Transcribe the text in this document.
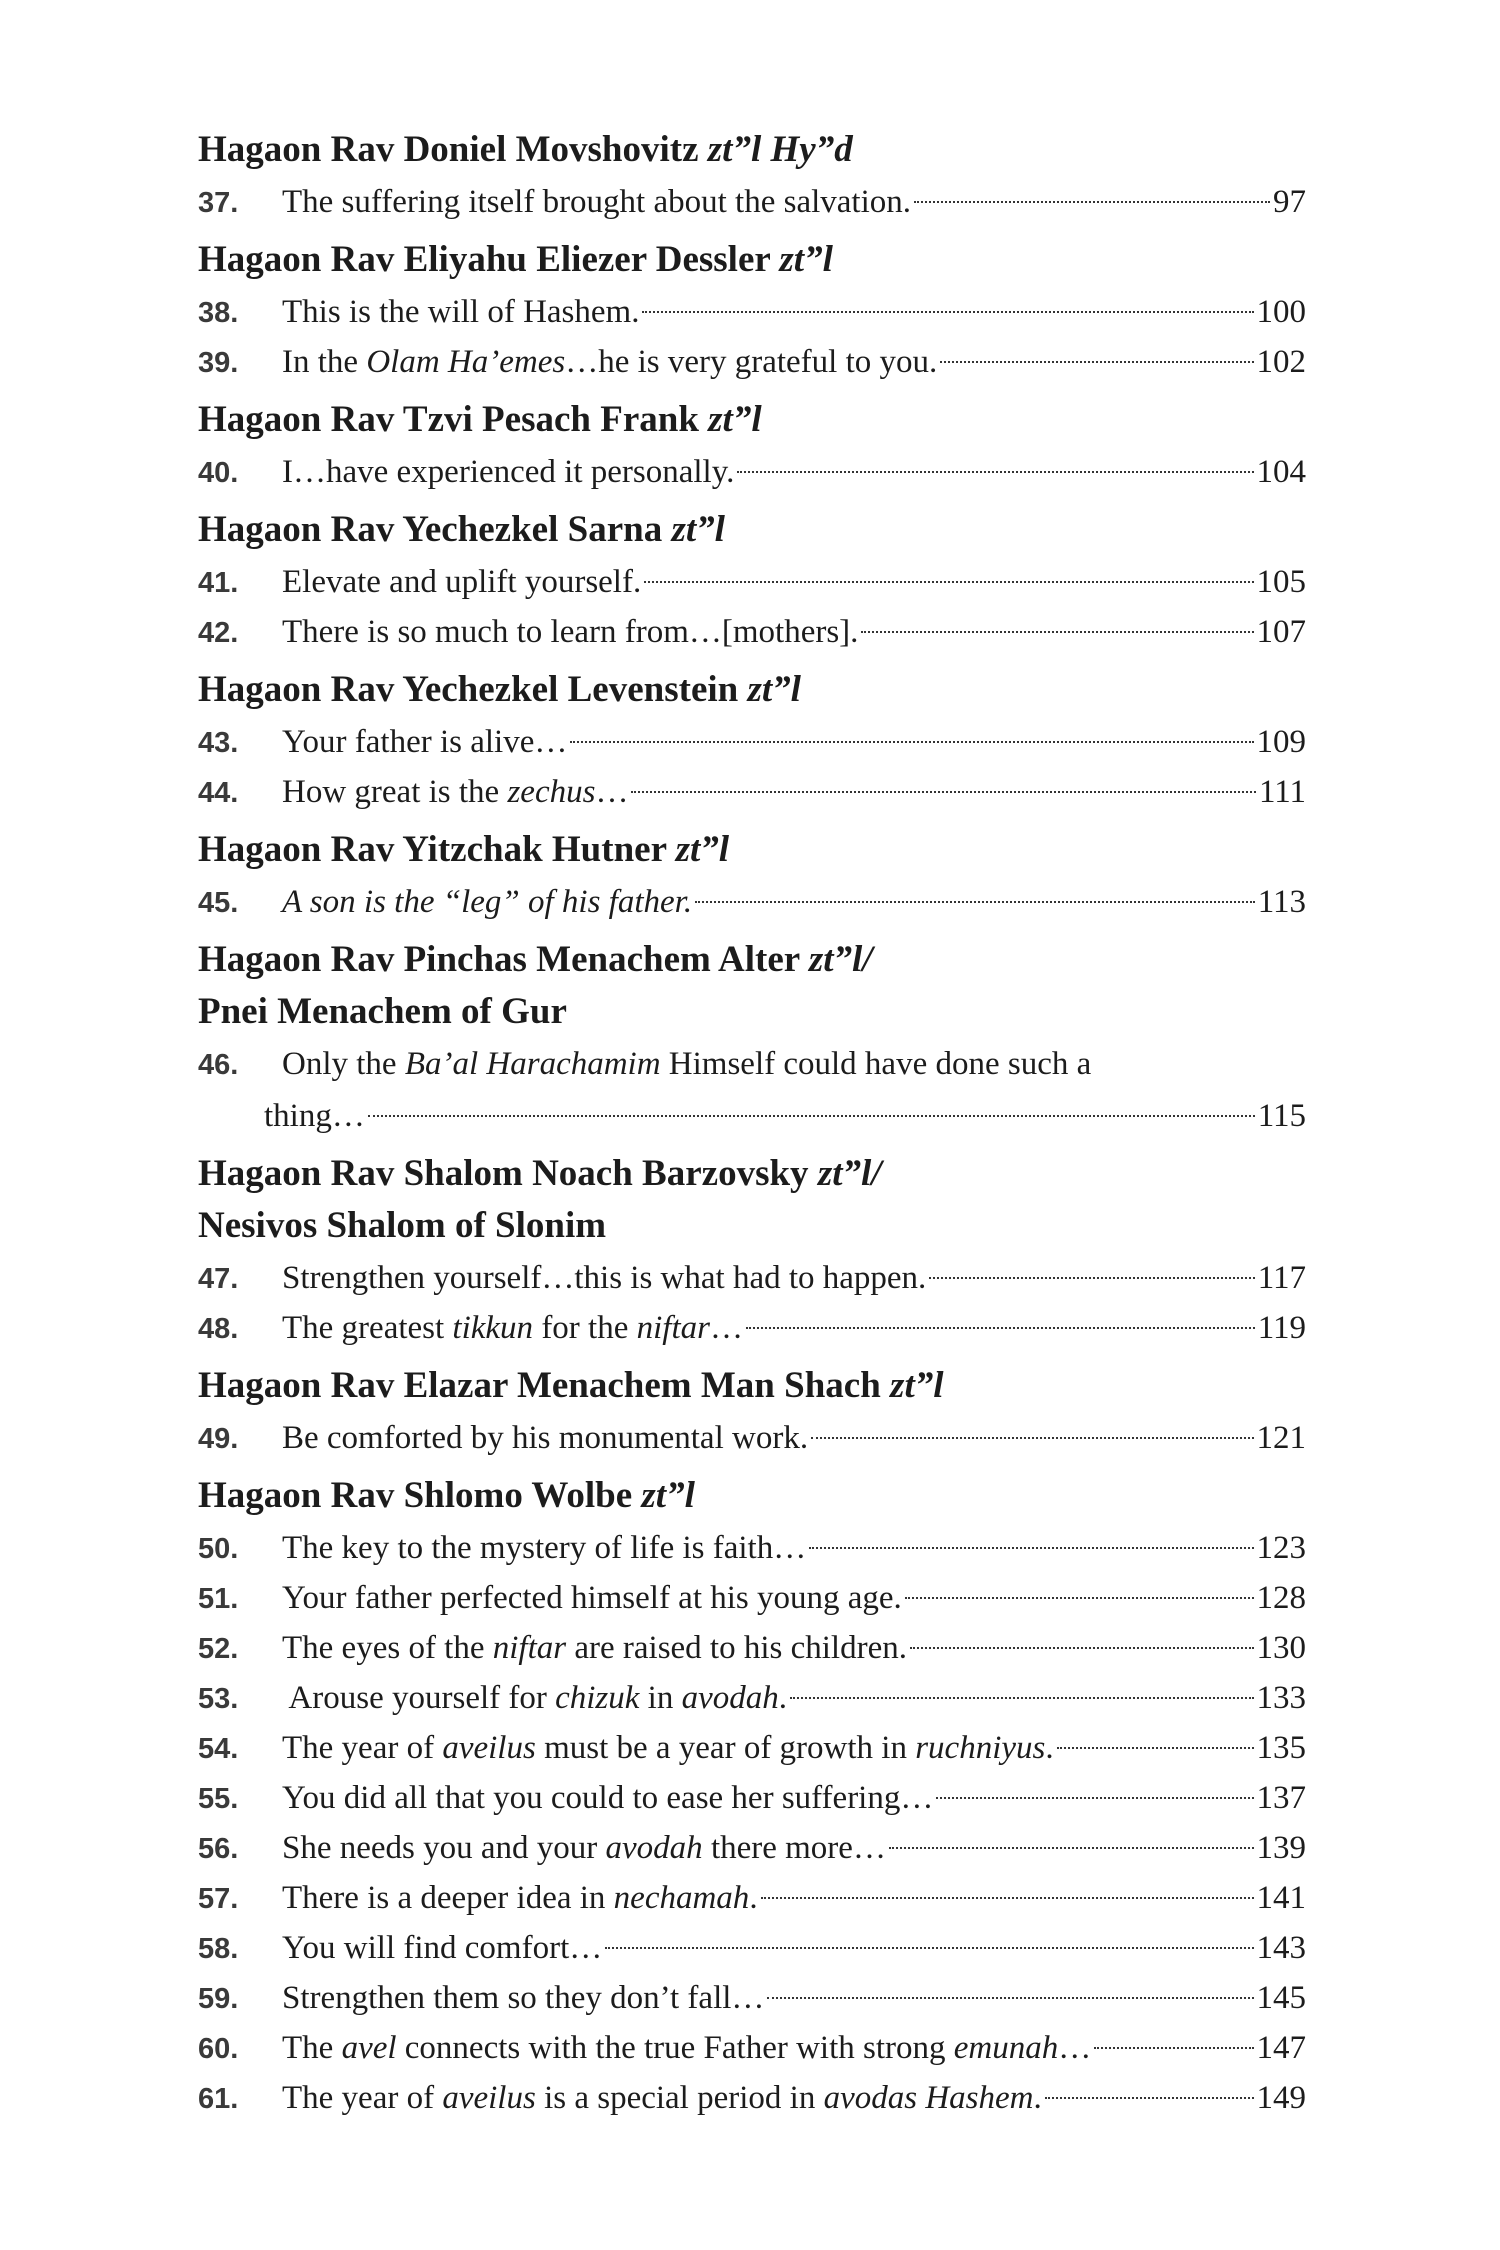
Hagaon Rav Doniel Movshovitz zt”l Hy”d
37.	The suffering itself brought about the salvation.	97
Hagaon Rav Eliyahu Eliezer Dessler zt”l
38.	This is the will of Hashem.	100
39.	In the Olam Ha’emes…he is very grateful to you.	102
Hagaon Rav Tzvi Pesach Frank zt”l
40.	I…have experienced it personally.	104
Hagaon Rav Yechezkel Sarna zt”l
41.	Elevate and uplift yourself.	105
42.	There is so much to learn from…[mothers].	107
Hagaon Rav Yechezkel Levenstein zt”l
43.	Your father is alive…	109
44.	How great is the zechus…	111
Hagaon Rav Yitzchak Hutner zt”l
45.	A son is the “leg” of his father.	113
Hagaon Rav Pinchas Menachem Alter zt”l/
Pnei Menachem of Gur
46.	Only the Ba’al Harachamim Himself could have done such a
thing…	115
Hagaon Rav Shalom Noach Barzovsky zt”l/
Nesivos Shalom of Slonim
47.	Strengthen yourself…this is what had to happen.	117
48.	The greatest tikkun for the niftar…	119
Hagaon Rav Elazar Menachem Man Shach zt”l
49.	Be comforted by his monumental work.	121
Hagaon Rav Shlomo Wolbe zt”l
50.	The key to the mystery of life is faith…	123
51.	Your father perfected himself at his young age.	128
52.	The eyes of the niftar are raised to his children.	130
53.	Arouse yourself for chizuk in avodah.	133
54.	The year of aveilus must be a year of growth in ruchniyus.	135
55.	You did all that you could to ease her suffering…	137
56.	She needs you and your avodah there more…	139
57.	There is a deeper idea in nechamah.	141
58.	You will find comfort…	143
59.	Strengthen them so they don’t fall…	145
60.	The avel connects with the true Father with strong emunah…	147
61.	The year of aveilus is a special period in avodas Hashem.	149
